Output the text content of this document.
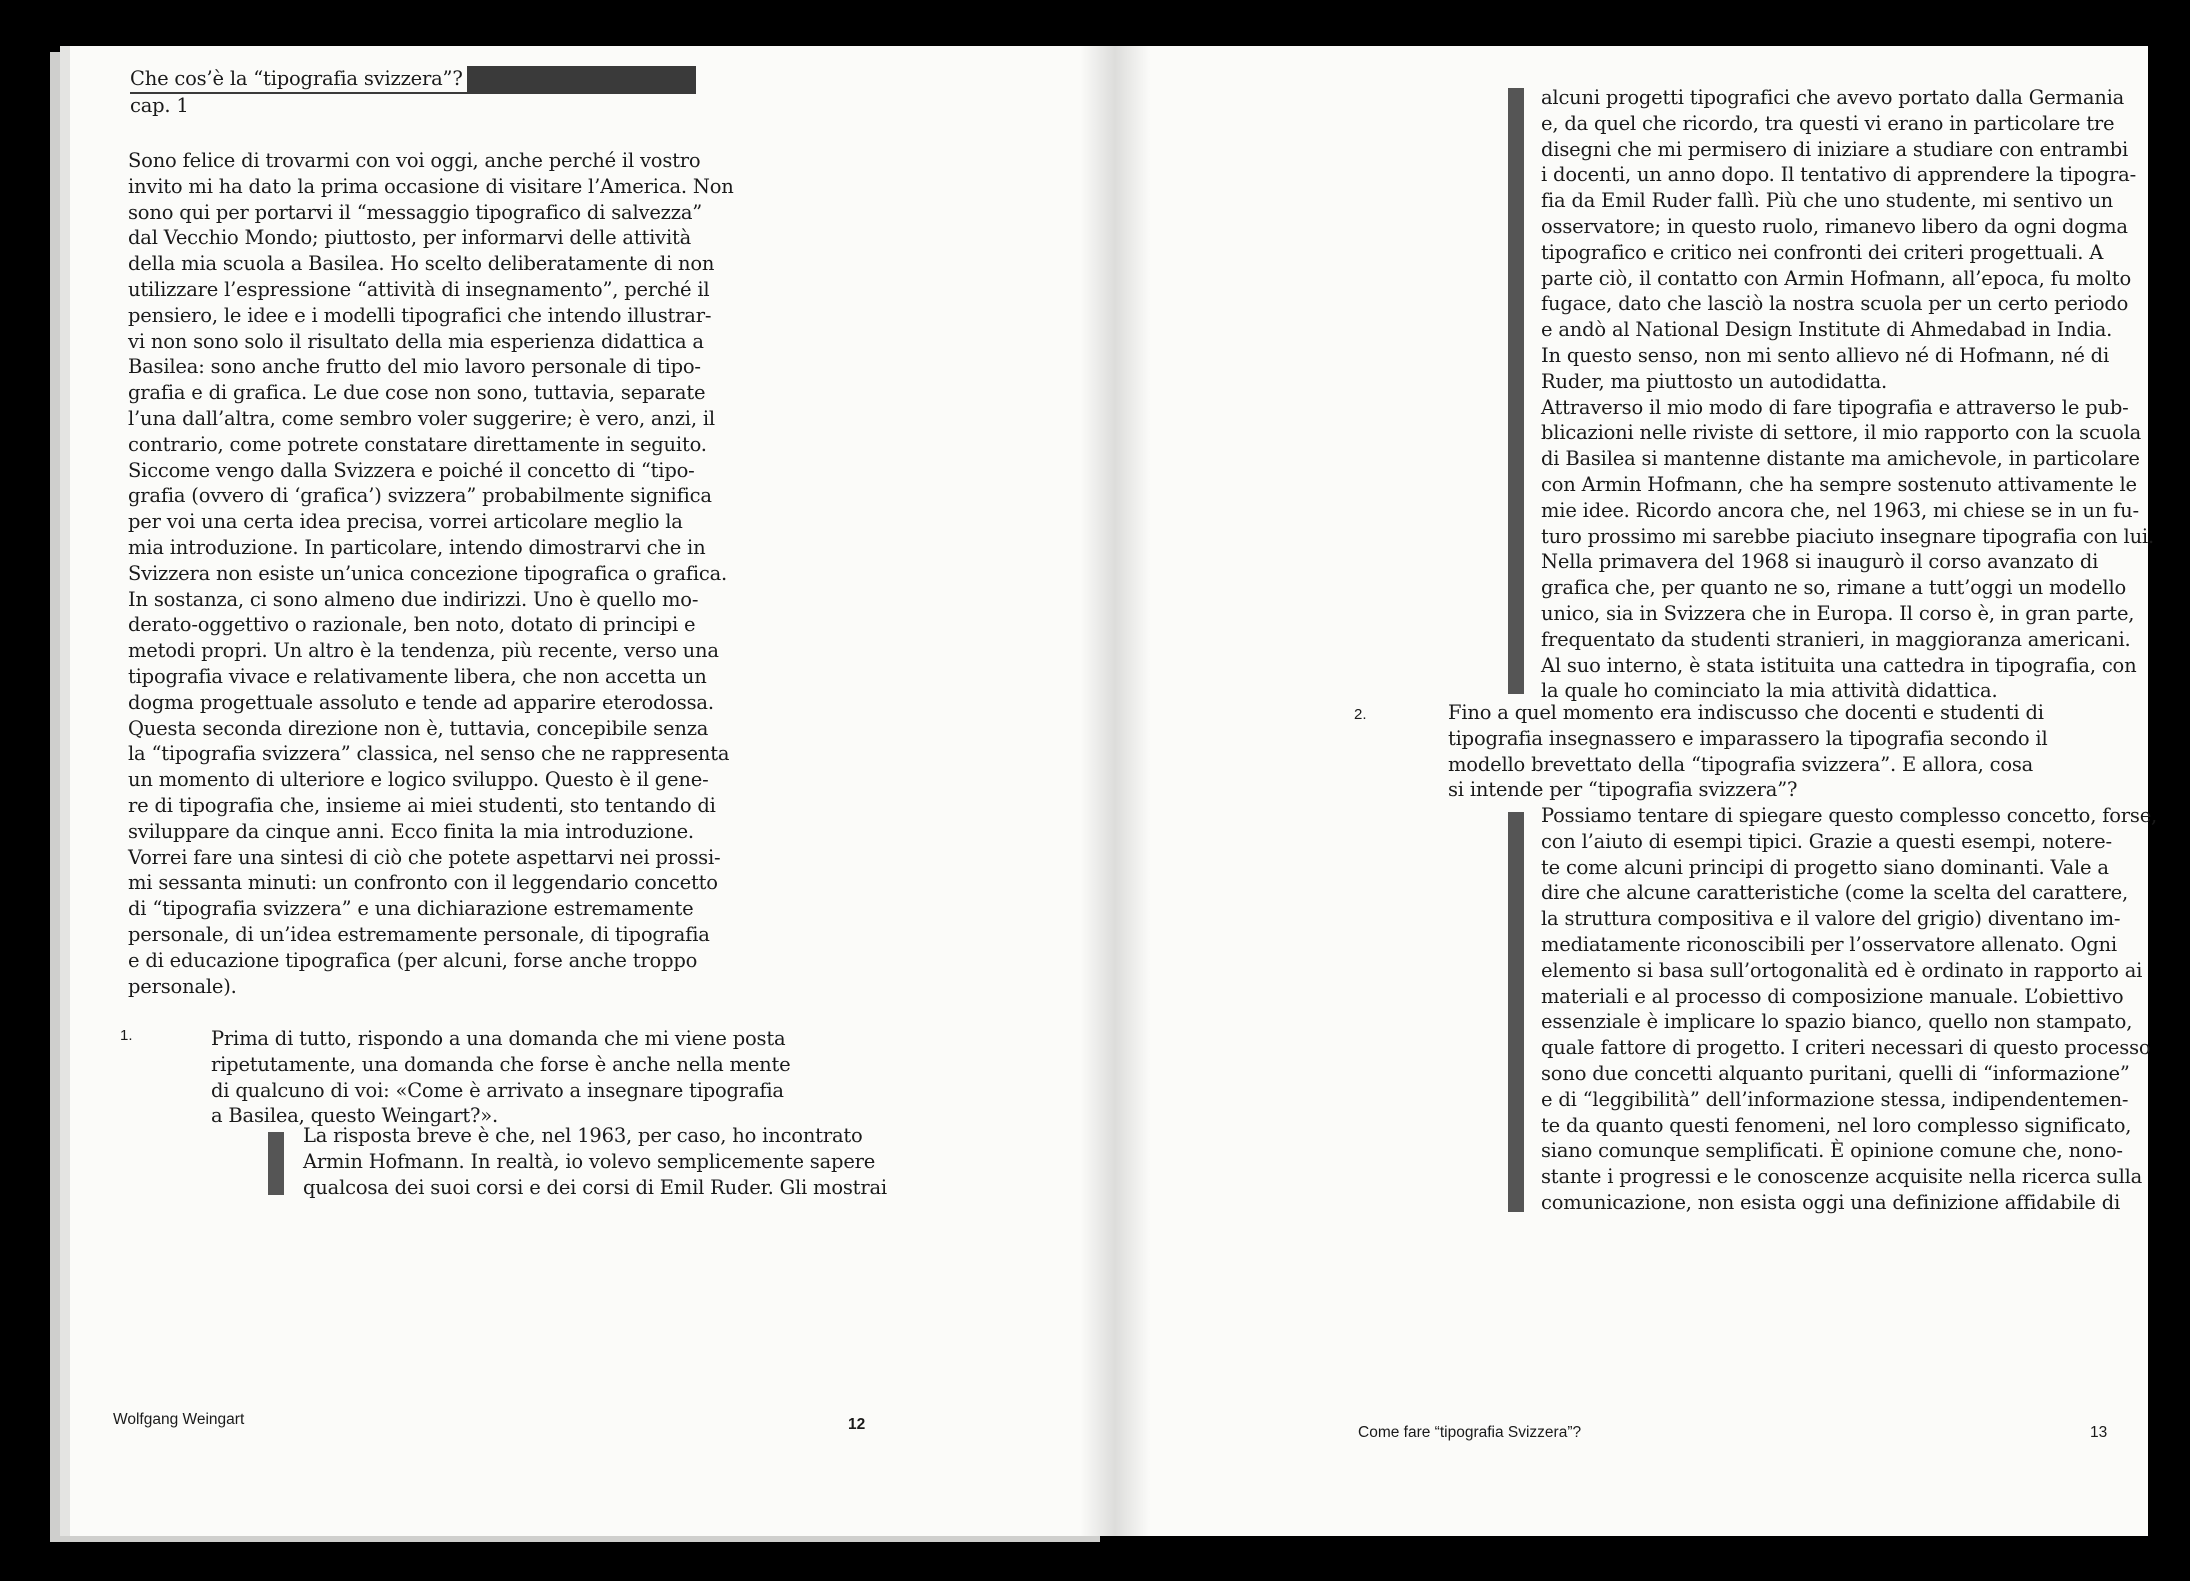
Che cos’è la “tipografia svizzera”?
cap. 1
Sono felice di trovarmi con voi oggi, anche perché il vostro
invito mi ha dato la prima occasione di visitare l’America. Non
sono qui per portarvi il “messaggio tipografico di salvezza”
dal Vecchio Mondo; piuttosto, per informarvi delle attività
della mia scuola a Basilea. Ho scelto deliberatamente di non
utilizzare l’espressione “attività di insegnamento”, perché il
pensiero, le idee e i modelli tipografici che intendo illustrar-
vi non sono solo il risultato della mia esperienza didattica a
Basilea: sono anche frutto del mio lavoro personale di tipo-
grafia e di grafica. Le due cose non sono, tuttavia, separate
l’una dall’altra, come sembro voler suggerire; è vero, anzi, il
contrario, come potrete constatare direttamente in seguito.
Siccome vengo dalla Svizzera e poiché il concetto di “tipo-
grafia (ovvero di ‘grafica’) svizzera” probabilmente significa
per voi una certa idea precisa, vorrei articolare meglio la
mia introduzione. In particolare, intendo dimostrarvi che in
Svizzera non esiste un’unica concezione tipografica o grafica.
In sostanza, ci sono almeno due indirizzi. Uno è quello mo-
derato-oggettivo o razionale, ben noto, dotato di principi e
metodi propri. Un altro è la tendenza, più recente, verso una
tipografia vivace e relativamente libera, che non accetta un
dogma progettuale assoluto e tende ad apparire eterodossa.
Questa seconda direzione non è, tuttavia, concepibile senza
la “tipografia svizzera” classica, nel senso che ne rappresenta
un momento di ulteriore e logico sviluppo. Questo è il gene-
re di tipografia che, insieme ai miei studenti, sto tentando di
sviluppare da cinque anni. Ecco finita la mia introduzione.
Vorrei fare una sintesi di ciò che potete aspettarvi nei prossi-
mi sessanta minuti: un confronto con il leggendario concetto
di “tipografia svizzera” e una dichiarazione estremamente
personale, di un’idea estremamente personale, di tipografia
e di educazione tipografica (per alcuni, forse anche troppo
personale).
1.	Prima di tutto, rispondo a una domanda che mi viene posta
ripetutamente, una domanda che forse è anche nella mente
di qualcuno di voi: «Come è arrivato a insegnare tipografia
a Basilea, questo Weingart?».
La risposta breve è che, nel 1963, per caso, ho incontrato
Armin Hofmann. In realtà, io volevo semplicemente sapere
qualcosa dei suoi corsi e dei corsi di Emil Ruder. Gli mostrai
Wolfgang Weingart	12
alcuni progetti tipografici che avevo portato dalla Germania
e, da quel che ricordo, tra questi vi erano in particolare tre
disegni che mi permisero di iniziare a studiare con entrambi
i docenti, un anno dopo. Il tentativo di apprendere la tipogra-
fia da Emil Ruder fallì. Più che uno studente, mi sentivo un
osservatore; in questo ruolo, rimanevo libero da ogni dogma
tipografico e critico nei confronti dei criteri progettuali. A
parte ciò, il contatto con Armin Hofmann, all’epoca, fu molto
fugace, dato che lasciò la nostra scuola per un certo periodo
e andò al National Design Institute di Ahmedabad in India.
In questo senso, non mi sento allievo né di Hofmann, né di
Ruder, ma piuttosto un autodidatta.
Attraverso il mio modo di fare tipografia e attraverso le pub-
blicazioni nelle riviste di settore, il mio rapporto con la scuola
di Basilea si mantenne distante ma amichevole, in particolare
con Armin Hofmann, che ha sempre sostenuto attivamente le
mie idee. Ricordo ancora che, nel 1963, mi chiese se in un fu-
turo prossimo mi sarebbe piaciuto insegnare tipografia con lui.
Nella primavera del 1968 si inaugurò il corso avanzato di
grafica che, per quanto ne so, rimane a tutt’oggi un modello
unico, sia in Svizzera che in Europa. Il corso è, in gran parte,
frequentato da studenti stranieri, in maggioranza americani.
Al suo interno, è stata istituita una cattedra in tipografia, con
la quale ho cominciato la mia attività didattica.
2.	Fino a quel momento era indiscusso che docenti e studenti di
tipografia insegnassero e imparassero la tipografia secondo il
modello brevettato della “tipografia svizzera”. E allora, cosa
si intende per “tipografia svizzera”?
Possiamo tentare di spiegare questo complesso concetto, forse,
con l’aiuto di esempi tipici. Grazie a questi esempi, notere-
te come alcuni principi di progetto siano dominanti. Vale a
dire che alcune caratteristiche (come la scelta del carattere,
la struttura compositiva e il valore del grigio) diventano im-
mediatamente riconoscibili per l’osservatore allenato. Ogni
elemento si basa sull’ortogonalità ed è ordinato in rapporto ai
materiali e al processo di composizione manuale. L’obiettivo
essenziale è implicare lo spazio bianco, quello non stampato,
quale fattore di progetto. I criteri necessari di questo processo
sono due concetti alquanto puritani, quelli di “informazione”
e di “leggibilità” dell’informazione stessa, indipendentemen-
te da quanto questi fenomeni, nel loro complesso significato,
siano comunque semplificati. È opinione comune che, nono-
stante i progressi e le conoscenze acquisite nella ricerca sulla
comunicazione, non esista oggi una definizione affidabile di
Come fare “tipografia Svizzera”?	13
